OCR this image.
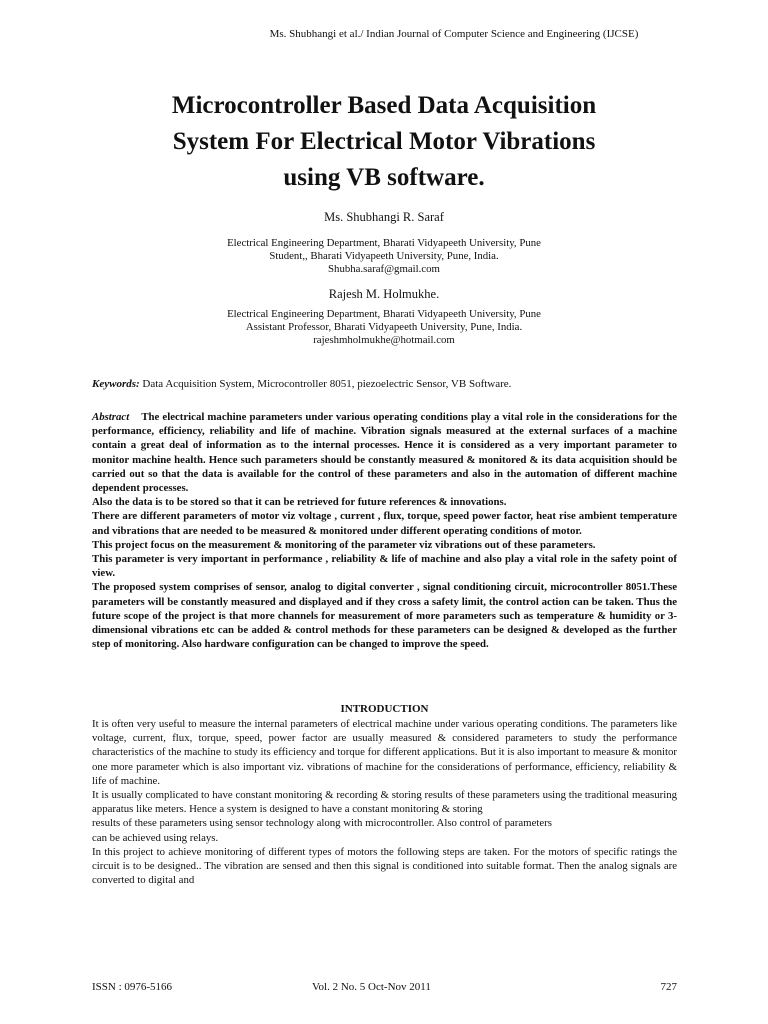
Ms. Shubhangi et al./ Indian Journal of Computer Science and Engineering (IJCSE)
Microcontroller Based Data Acquisition
System For Electrical Motor Vibrations
using VB software.
Ms. Shubhangi R. Saraf
Electrical Engineering Department, Bharati Vidyapeeth University, Pune
Student,, Bharati Vidyapeeth University, Pune, India.
Shubha.saraf@gmail.com
Rajesh M. Holmukhe.
Electrical Engineering Department, Bharati Vidyapeeth University, Pune
Assistant Professor, Bharati Vidyapeeth University, Pune, India.
rajeshmholmukhe@hotmail.com
Keywords: Data Acquisition System, Microcontroller 8051, piezoelectric Sensor, VB Software.

Abstract The electrical machine parameters under various operating conditions play a vital role in the considerations for the performance, efficiency, reliability and life of machine. Vibration signals measured at the external surfaces of a machine contain a great deal of information as to the internal processes. Hence it is considered as a very important parameter to monitor machine health. Hence such parameters should be constantly measured & monitored & its data acquisition should be carried out so that the data is available for the control of these parameters and also in the automation of different machine dependent processes.

Also the data is to be stored so that it can be retrieved for future references & innovations.

There are different parameters of motor viz voltage , current , flux, torque, speed power factor, heat rise ambient temperature and vibrations that are needed to be measured & monitored under different operating conditions of motor.

This project focus on the measurement & monitoring of the parameter viz vibrations out of these parameters.

This parameter is very important in performance , reliability & life of machine and also play a vital role in the safety point of view.

The proposed system comprises of sensor, analog to digital converter , signal conditioning circuit, microcontroller 8051.These parameters will be constantly measured and displayed and if they cross a safety limit, the control action can be taken. Thus the future scope of the project is that more channels for measurement of more parameters such as temperature & humidity or 3-dimensional vibrations etc can be added & control methods for these parameters can be designed & developed as the further step of monitoring. Also hardware configuration can be changed to improve the speed.

INTRODUCTION

It is often very useful to measure the internal parameters of electrical machine under various operating conditions. The parameters like voltage, current, flux, torque, speed, power factor are usually measured & considered parameters to study the performance characteristics of the machine to study its efficiency and torque for different applications. But it is also important to measure & monitor one more parameter which is also important viz. vibrations of machine for the considerations of performance, efficiency, reliability & life of machine.

It is usually complicated to have constant monitoring & recording & storing results of these parameters using the traditional measuring apparatus like meters. Hence a system is designed to have a constant monitoring & storing

results of these parameters using sensor technology along with microcontroller. Also control of parameters

can be achieved using relays.

In this project to achieve monitoring of different types of motors the following steps are taken. For the motors of specific ratings the circuit is to be designed.. The vibration are sensed and then this signal is conditioned into suitable format. Then the analog signals are converted to digital and

ISSN : 0976-5166	Vol. 2 No. 5 Oct-Nov 2011	727
